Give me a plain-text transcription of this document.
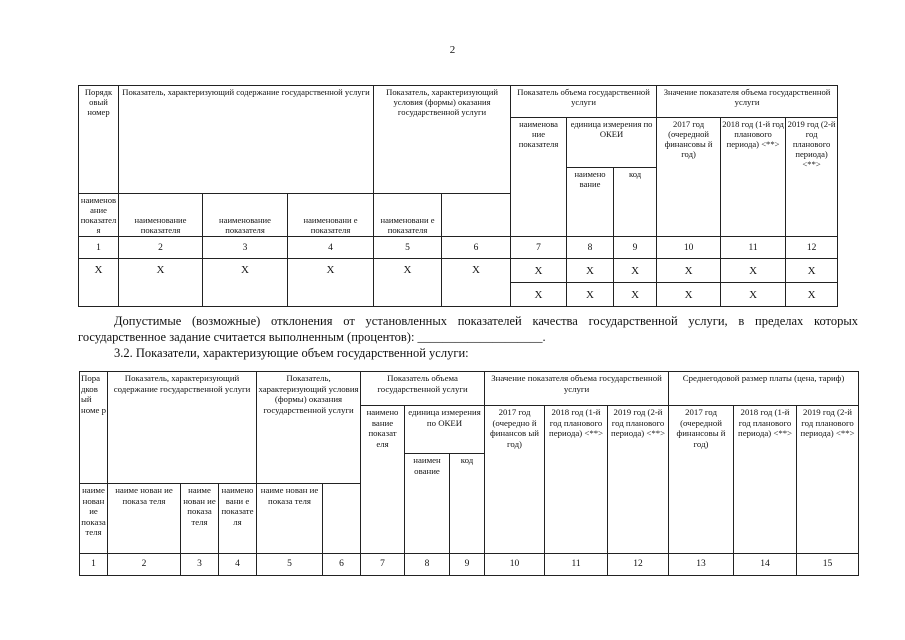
2
Порядк овый номер	Показатель, характеризующий содержание государственной услуги			Показатель, характеризующий условия (формы) оказания государственной услуги		Показатель объема государственной услуги			Значение показателя объема государственной услуги		
						наименова ние показателя	единица измерения по ОКЕИ		2017 год (очередной финансовы й год)	2018 год (1-й год планового периода) <**>	2019 год (2-й год планового периода) <**>
							наимено вание	код			
наименование показателя	наименование показателя	наименование показателя	наименовани е показателя	наименовани е показателя							
1	2	3	4	5	6	7	8	9	10	11	12
Х	Х	Х	Х	Х	Х	Х	Х	Х	Х	Х	Х
						Х	Х	Х	Х	Х	Х
Допустимые (возможные) отклонения от установленных показателей качества государственной услуги, в пределах которых государственное задание считается выполненным (процентов): ____________________.
3.2. Показатели, характеризующие объем государственной услуги:
Пора дков ый номе р	Показатель, характеризующий содержание государственной услуги			Показатель, характеризующий условия (формы) оказания государственной услуги		Показатель объема государственной услуги			Значение показателя объема государственной услуги			Среднегодовой размер платы (цена, тариф)		
						наимено вание показат еля	единица измерения по ОКЕИ		2017 год (очередно й финансов ый год)	2018 год (1-й год планового периода) <**>	2019 год (2-й год планового периода) <**>	2017 год (очередной финансовы й год)	2018 год (1-й год планового периода) <**>	2019 год (2-й год планового периода) <**>
							наимен ование	код						
наименование показателя	наиме нован ие показа теля	наиме нован ие показа теля	наименовани е показателя	наиме нован ие показа теля										
1	2	3	4	5	6	7	8	9	10	11	12	13	14	15
